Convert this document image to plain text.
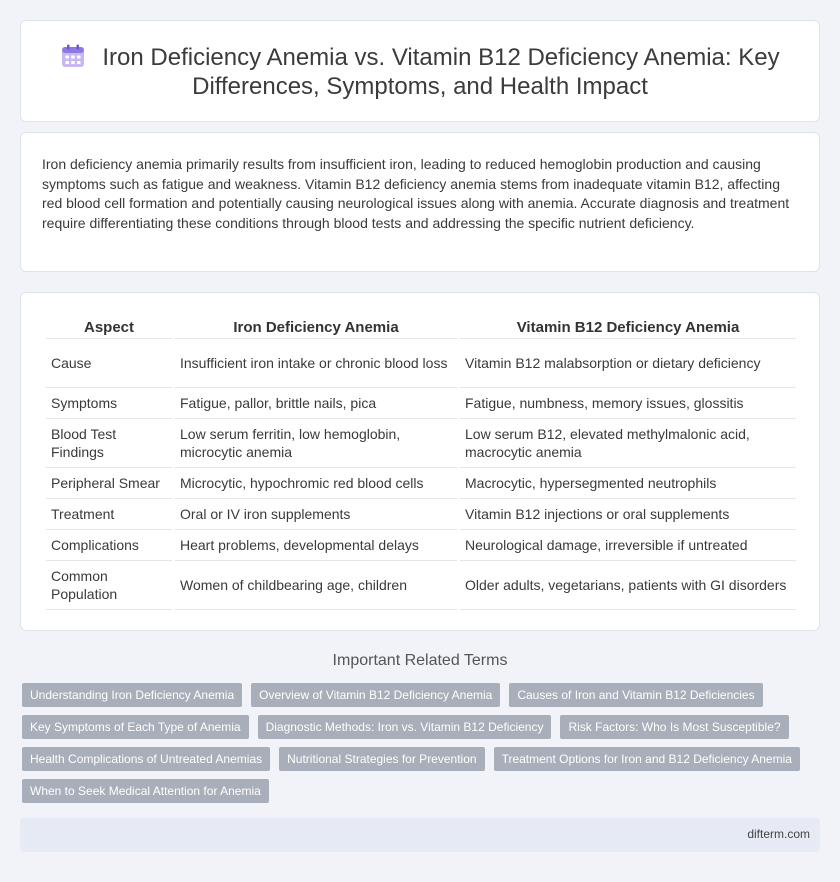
Iron Deficiency Anemia vs. Vitamin B12 Deficiency Anemia: Key Differences, Symptoms, and Health Impact

Iron deficiency anemia primarily results from insufficient iron, leading to reduced hemoglobin production and causing symptoms such as fatigue and weakness. Vitamin B12 deficiency anemia stems from inadequate vitamin B12, affecting red blood cell formation and potentially causing neurological issues along with anemia. Accurate diagnosis and treatment require differentiating these conditions through blood tests and addressing the specific nutrient deficiency.

Aspect	Iron Deficiency Anemia	Vitamin B12 Deficiency Anemia
Cause	Insufficient iron intake or chronic blood loss	Vitamin B12 malabsorption or dietary deficiency
Symptoms	Fatigue, pallor, brittle nails, pica	Fatigue, numbness, memory issues, glossitis
Blood Test Findings	Low serum ferritin, low hemoglobin, microcytic anemia	Low serum B12, elevated methylmalonic acid, macrocytic anemia
Peripheral Smear	Microcytic, hypochromic red blood cells	Macrocytic, hypersegmented neutrophils
Treatment	Oral or IV iron supplements	Vitamin B12 injections or oral supplements
Complications	Heart problems, developmental delays	Neurological damage, irreversible if untreated
Common Population	Women of childbearing age, children	Older adults, vegetarians, patients with GI disorders
Important Related Terms
Understanding Iron Deficiency Anemia	Overview of Vitamin B12 Deficiency Anemia	Causes of Iron and Vitamin B12 Deficiencies
Key Symptoms of Each Type of Anemia	Diagnostic Methods: Iron vs. Vitamin B12 Deficiency	Risk Factors: Who Is Most Susceptible?
Health Complications of Untreated Anemias	Nutritional Strategies for Prevention	Treatment Options for Iron and B12 Deficiency Anemia
When to Seek Medical Attention for Anemia
difterm.com
